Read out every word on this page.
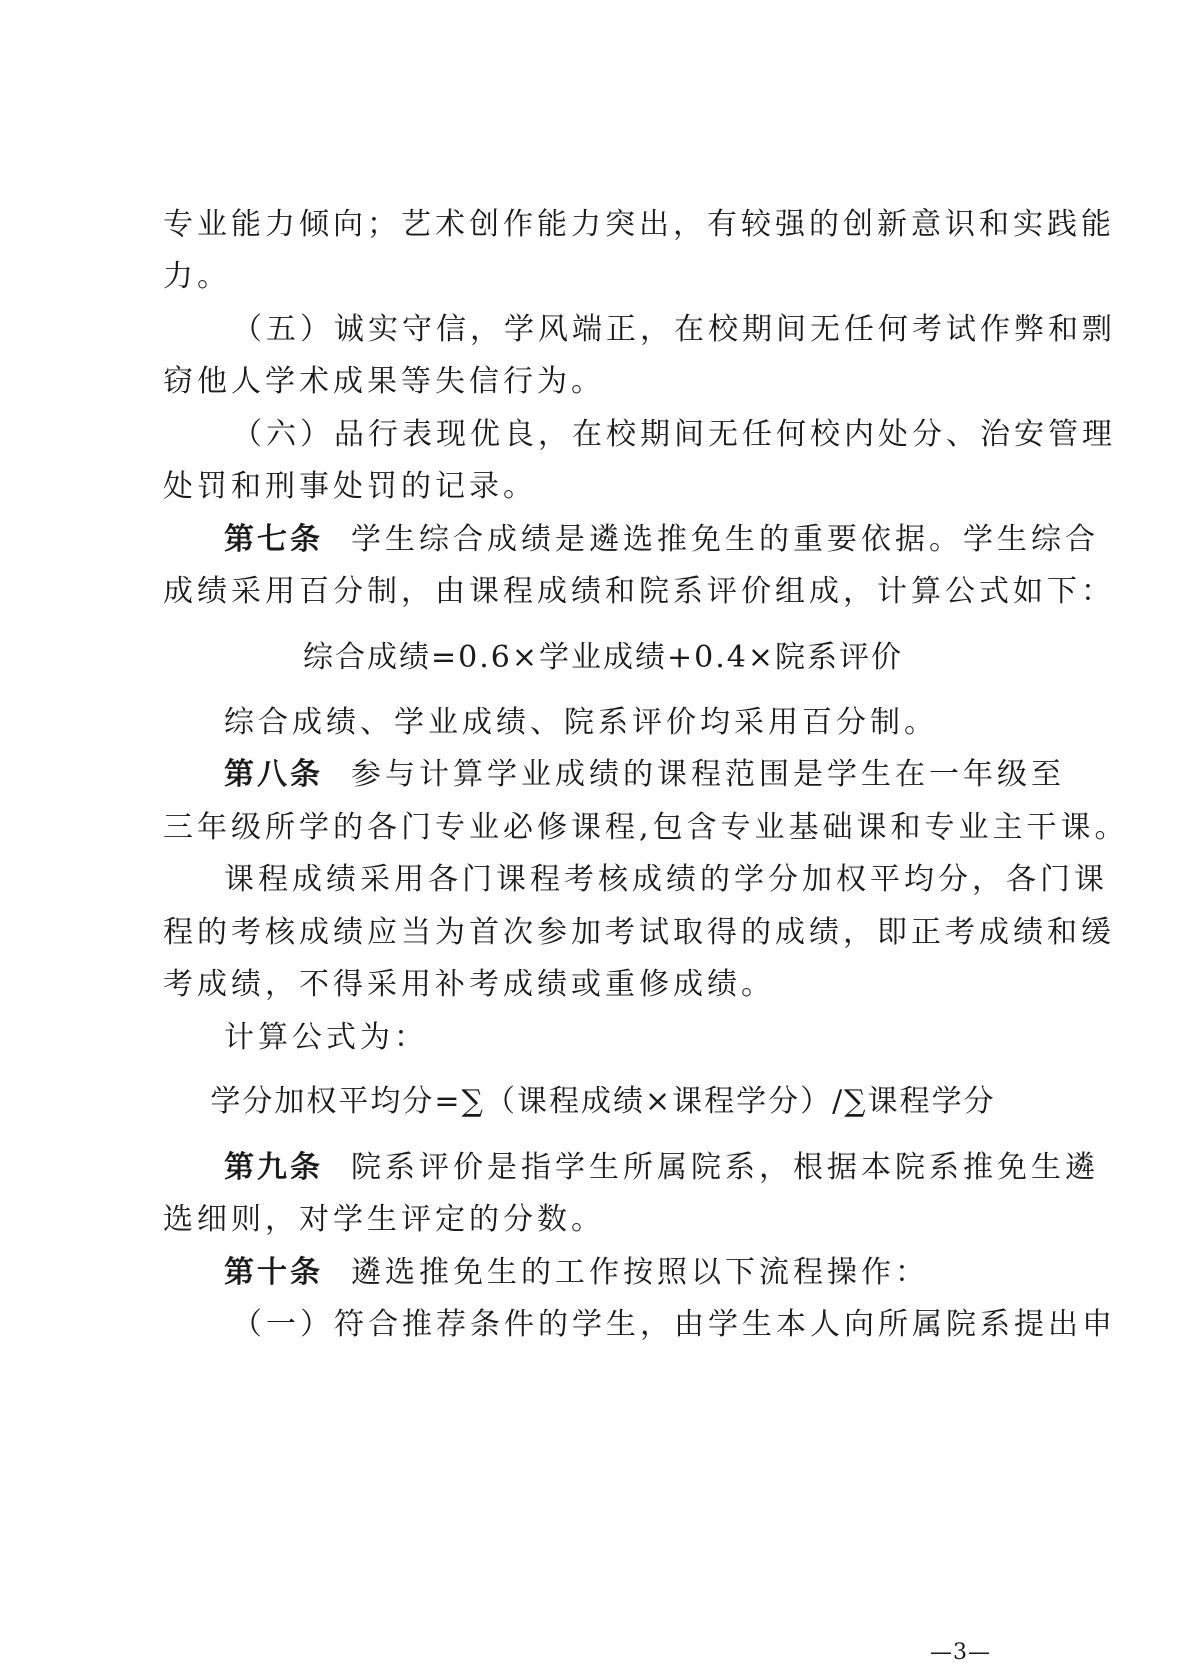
专业能力倾向；艺术创作能力突出，有较强的创新意识和实践能
力。
（五）诚实守信，学风端正，在校期间无任何考试作弊和剽
窃他人学术成果等失信行为。
（六）品行表现优良，在校期间无任何校内处分、治安管理
处罚和刑事处罚的记录。
第七条 学生综合成绩是遴选推免生的重要依据。学生综合
成绩采用百分制，由课程成绩和院系评价组成，计算公式如下：
综合成绩=0.6×学业成绩+0.4×院系评价
综合成绩、学业成绩、院系评价均采用百分制。
第八条 参与计算学业成绩的课程范围是学生在一年级至
三年级所学的各门专业必修课程,包含专业基础课和专业主干课。
课程成绩采用各门课程考核成绩的学分加权平均分，各门课
程的考核成绩应当为首次参加考试取得的成绩，即正考成绩和缓
考成绩，不得采用补考成绩或重修成绩。
计算公式为：
学分加权平均分=∑（课程成绩×课程学分）/∑课程学分
第九条 院系评价是指学生所属院系，根据本院系推免生遴
选细则，对学生评定的分数。
第十条 遴选推免生的工作按照以下流程操作：
（一）符合推荐条件的学生，由学生本人向所属院系提出申
—3—
